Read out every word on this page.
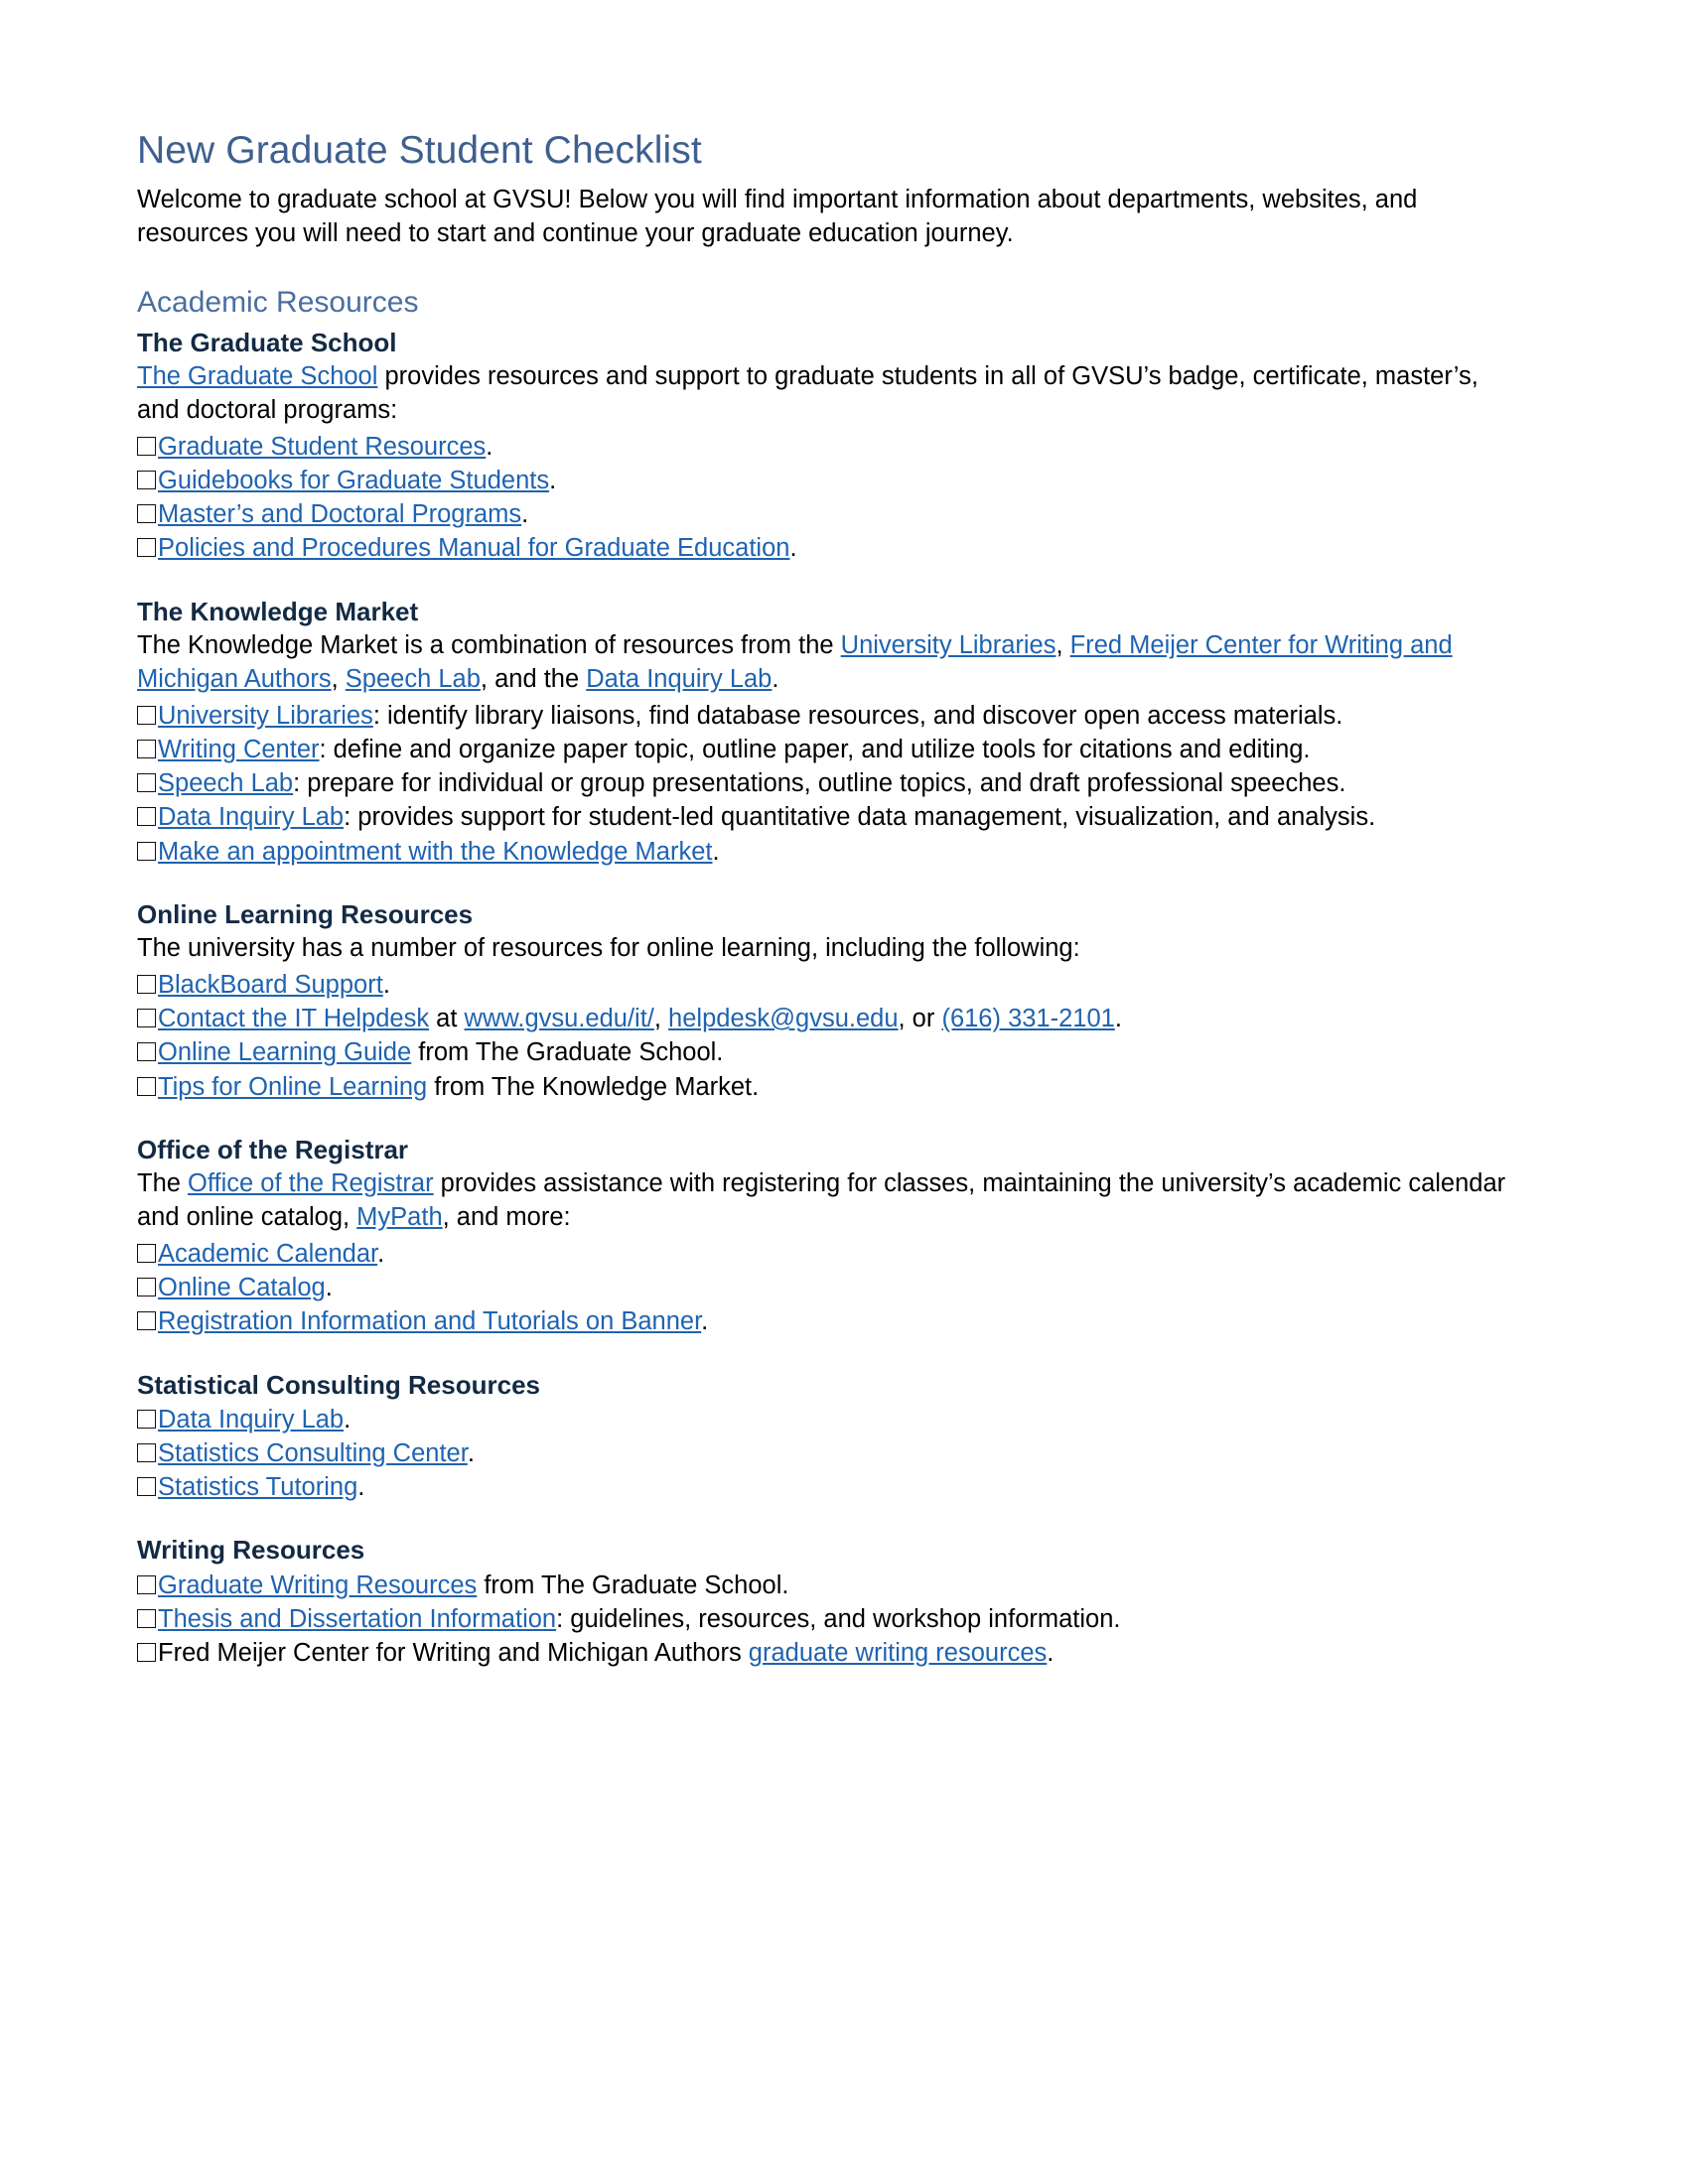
New Graduate Student Checklist

Welcome to graduate school at GVSU! Below you will find important information about departments, websites, and resources you will need to start and continue your graduate education journey.

Academic Resources
The Graduate School

The Graduate School provides resources and support to graduate students in all of GVSU’s badge, certificate, master’s, and doctoral programs:

Graduate Student Resources.
Guidebooks for Graduate Students.
Master’s and Doctoral Programs.
Policies and Procedures Manual for Graduate Education.
The Knowledge Market

The Knowledge Market is a combination of resources from the University Libraries, Fred Meijer Center for Writing and Michigan Authors, Speech Lab, and the Data Inquiry Lab.

University Libraries: identify library liaisons, find database resources, and discover open access materials.
Writing Center: define and organize paper topic, outline paper, and utilize tools for citations and editing.
Speech Lab: prepare for individual or group presentations, outline topics, and draft professional speeches.
Data Inquiry Lab: provides support for student-led quantitative data management, visualization, and analysis.
Make an appointment with the Knowledge Market.
Online Learning Resources

The university has a number of resources for online learning, including the following:

BlackBoard Support.
Contact the IT Helpdesk at www.gvsu.edu/it/, helpdesk@gvsu.edu, or (616) 331-2101.
Online Learning Guide from The Graduate School.
Tips for Online Learning from The Knowledge Market.
Office of the Registrar

The Office of the Registrar provides assistance with registering for classes, maintaining the university’s academic calendar and online catalog, MyPath, and more:

Academic Calendar.
Online Catalog.
Registration Information and Tutorials on Banner.
Statistical Consulting Resources
Data Inquiry Lab.
Statistics Consulting Center.
Statistics Tutoring.
Writing Resources
Graduate Writing Resources from The Graduate School.
Thesis and Dissertation Information: guidelines, resources, and workshop information.
Fred Meijer Center for Writing and Michigan Authors graduate writing resources.
